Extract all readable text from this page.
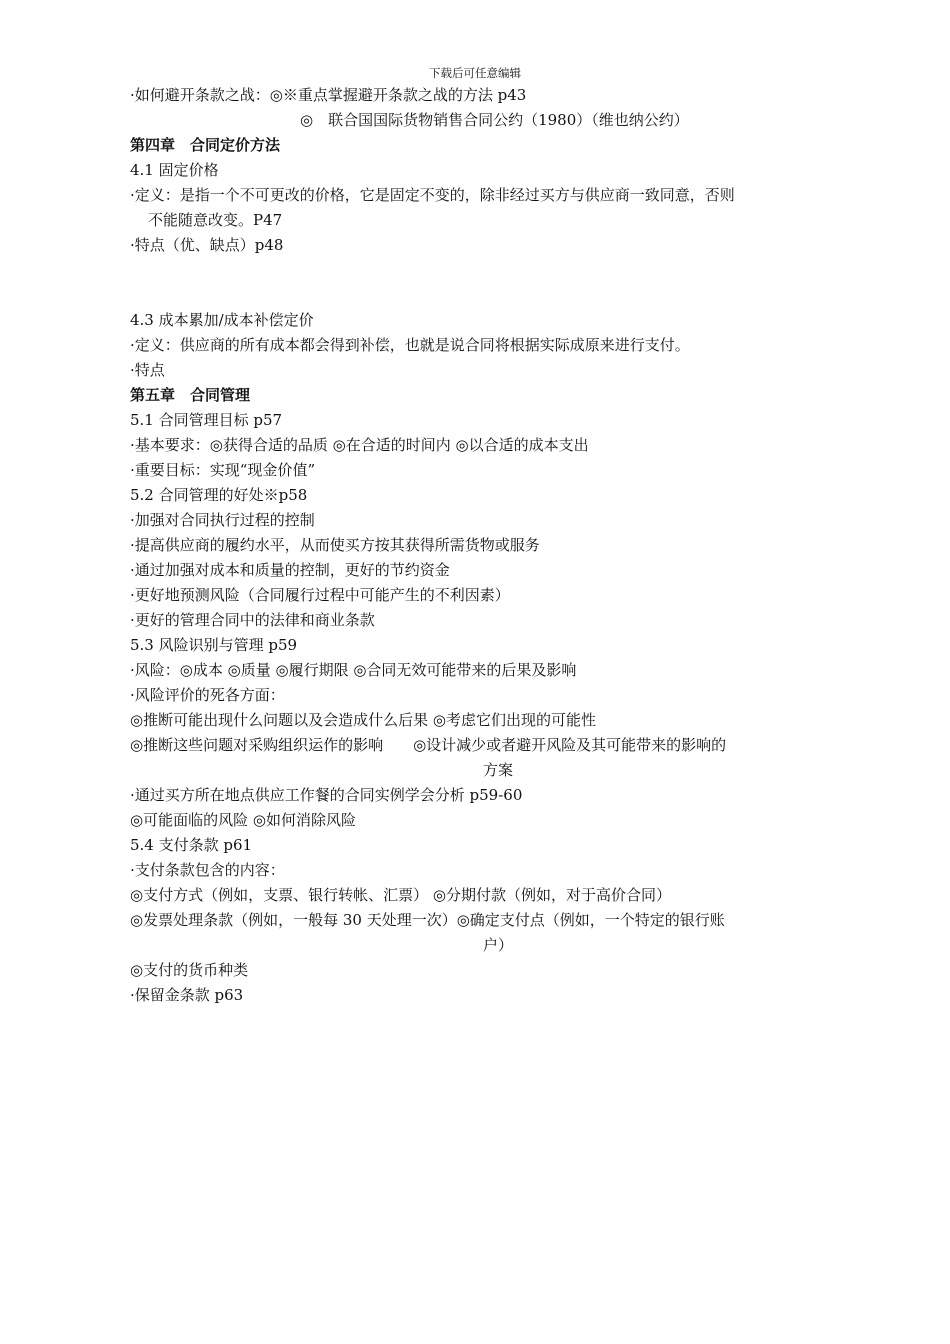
下载后可任意编辑
·如何避开条款之战：◎※重点掌握避开条款之战的方法 p43
◎　联合国国际货物销售合同公约（1980）（维也纳公约）
第四章　合同定价方法
4.1 固定价格
·定义：是指一个不可更改的价格，它是固定不变的，除非经过买方与供应商一致同意，否则
不能随意改变。P47
·特点（优、缺点）p48
4.3 成本累加/成本补偿定价
·定义：供应商的所有成本都会得到补偿，也就是说合同将根据实际成原来进行支付。
·特点
第五章　合同管理
5.1 合同管理目标 p57
·基本要求：◎获得合适的品质 ◎在合适的时间内 ◎以合适的成本支出
·重要目标：实现“现金价值”
5.2 合同管理的好处※p58
·加强对合同执行过程的控制
·提高供应商的履约水平，从而使买方按其获得所需货物或服务
·通过加强对成本和质量的控制，更好的节约资金
·更好地预测风险（合同履行过程中可能产生的不利因素）
·更好的管理合同中的法律和商业条款
5.3 风险识别与管理 p59
·风险：◎成本 ◎质量 ◎履行期限 ◎合同无效可能带来的后果及影响
·风险评价的死各方面：
◎推断可能出现什么问题以及会造成什么后果 ◎考虑它们出现的可能性
◎推断这些问题对采购组织运作的影响　　◎设计减少或者避开风险及其可能带来的影响的
方案
·通过买方所在地点供应工作餐的合同实例学会分析 p59-60
◎可能面临的风险 ◎如何消除风险
5.4 支付条款 p61
·支付条款包含的内容：
◎支付方式（例如，支票、银行转帐、汇票） ◎分期付款（例如，对于高价合同）
◎发票处理条款（例如，一般每 30 天处理一次）◎确定支付点（例如，一个特定的银行账
户）
◎支付的货币种类
·保留金条款 p63
